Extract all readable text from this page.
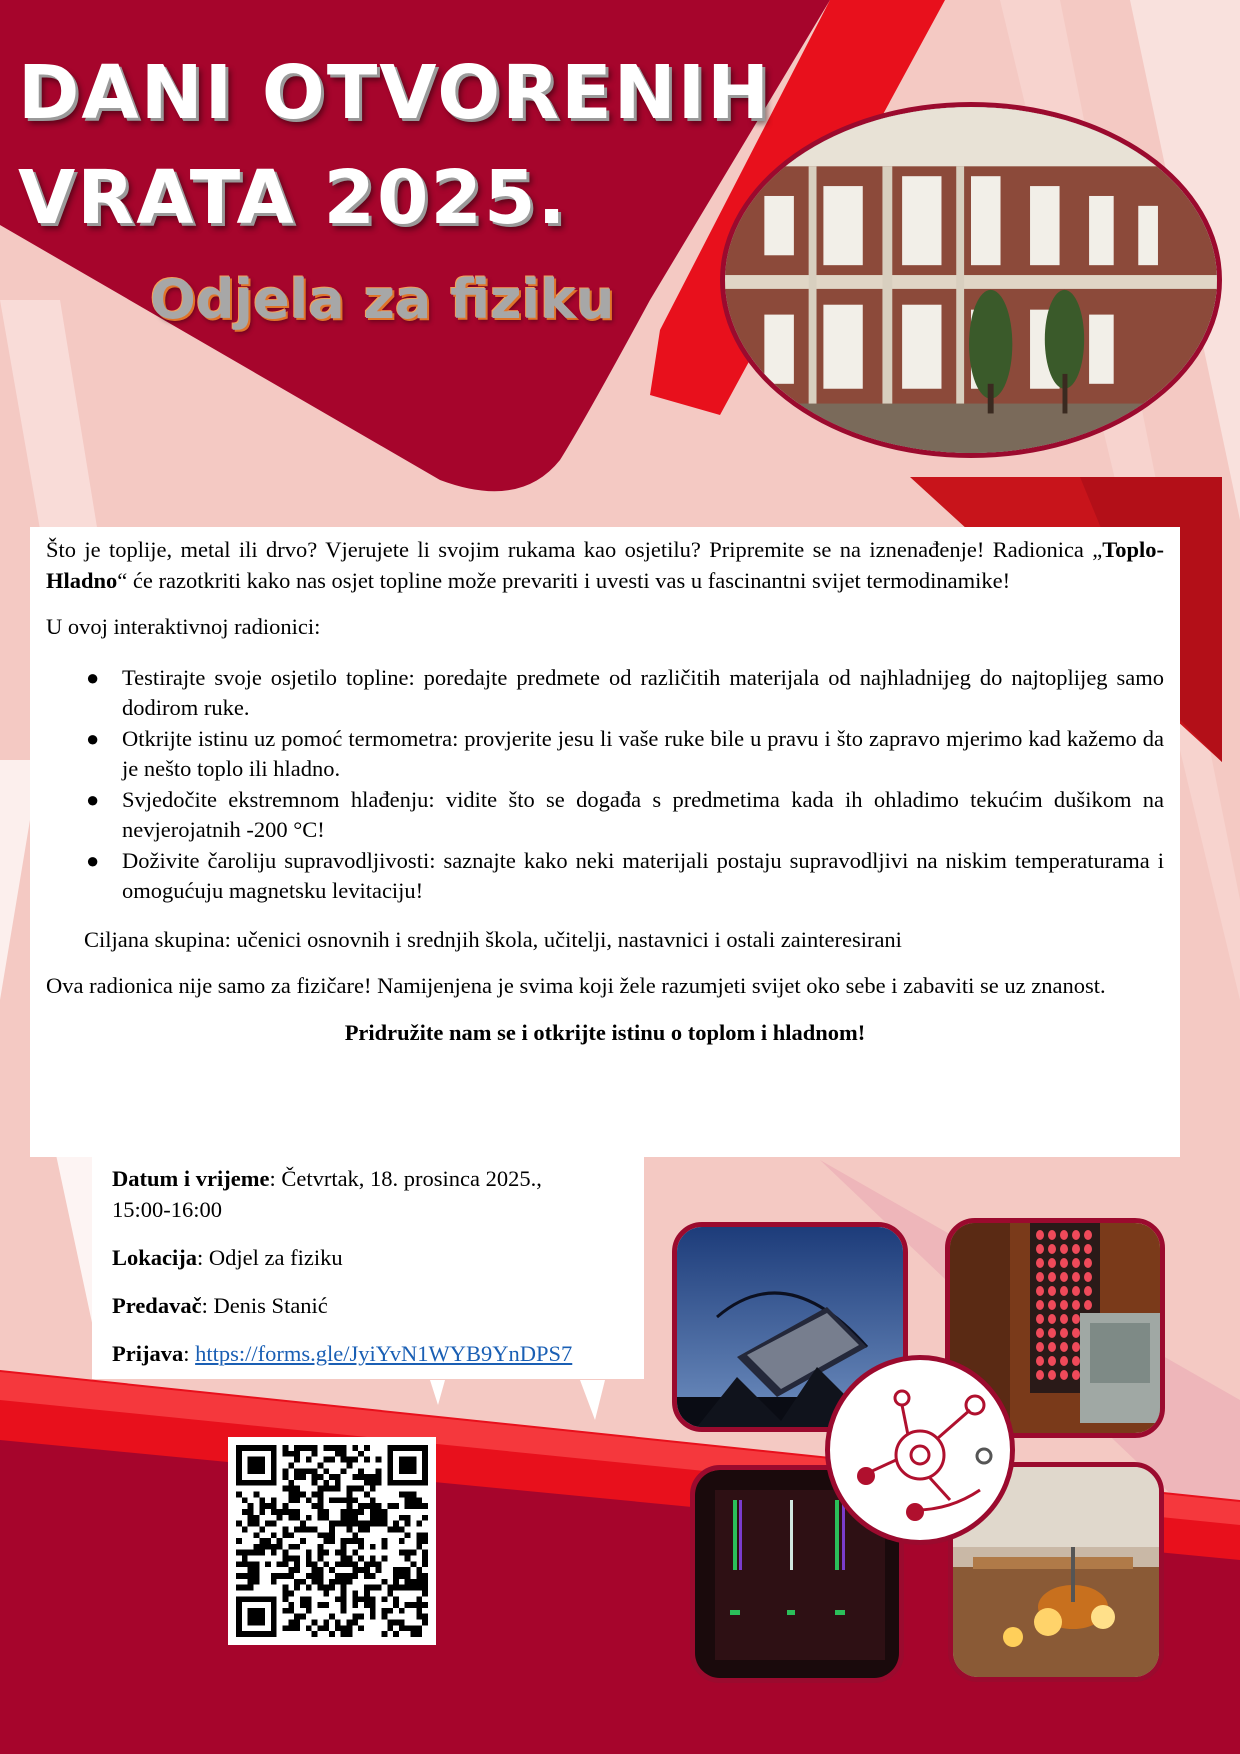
DANI OTVORENIH
VRATA 2025.
Odjela za fiziku

Što je toplije, metal ili drvo? Vjerujete li svojim rukama kao osjetilu? Pripremite se na iznenađenje! Radionica „Toplo-Hladno“ će razotkriti kako nas osjet topline može prevariti i uvesti vas u fascinantni svijet termodinamike!

U ovoj interaktivnoj radionici:

● Testirajte svoje osjetilo topline: poredajte predmete od različitih materijala od najhladnijeg do najtoplijeg samo dodirom ruke.
● Otkrijte istinu uz pomoć termometra: provjerite jesu li vaše ruke bile u pravu i što zapravo mjerimo kad kažemo da je nešto toplo ili hladno.
● Svjedočite ekstremnom hlađenju: vidite što se događa s predmetima kada ih ohladimo tekućim dušikom na nevjerojatnih -200 °C!
● Doživite čaroliju supravodljivosti: saznajte kako neki materijali postaju supravodljivi na niskim temperaturama i omogućuju magnetsku levitaciju!

Ciljana skupina: učenici osnovnih i srednjih škola, učitelji, nastavnici i ostali zainteresirani

Ova radionica nije samo za fizičare! Namijenjena je svima koji žele razumjeti svijet oko sebe i zabaviti se uz znanost.

Pridružite nam se i otkrijte istinu o toplom i hladnom!

Datum i vrijeme: Četvrtak, 18. prosinca 2025.,
15:00-16:00

Lokacija: Odjel za fiziku

Predavač: Denis Stanić

Prijava: https://forms.gle/JyiYvN1WYB9YnDPS7
